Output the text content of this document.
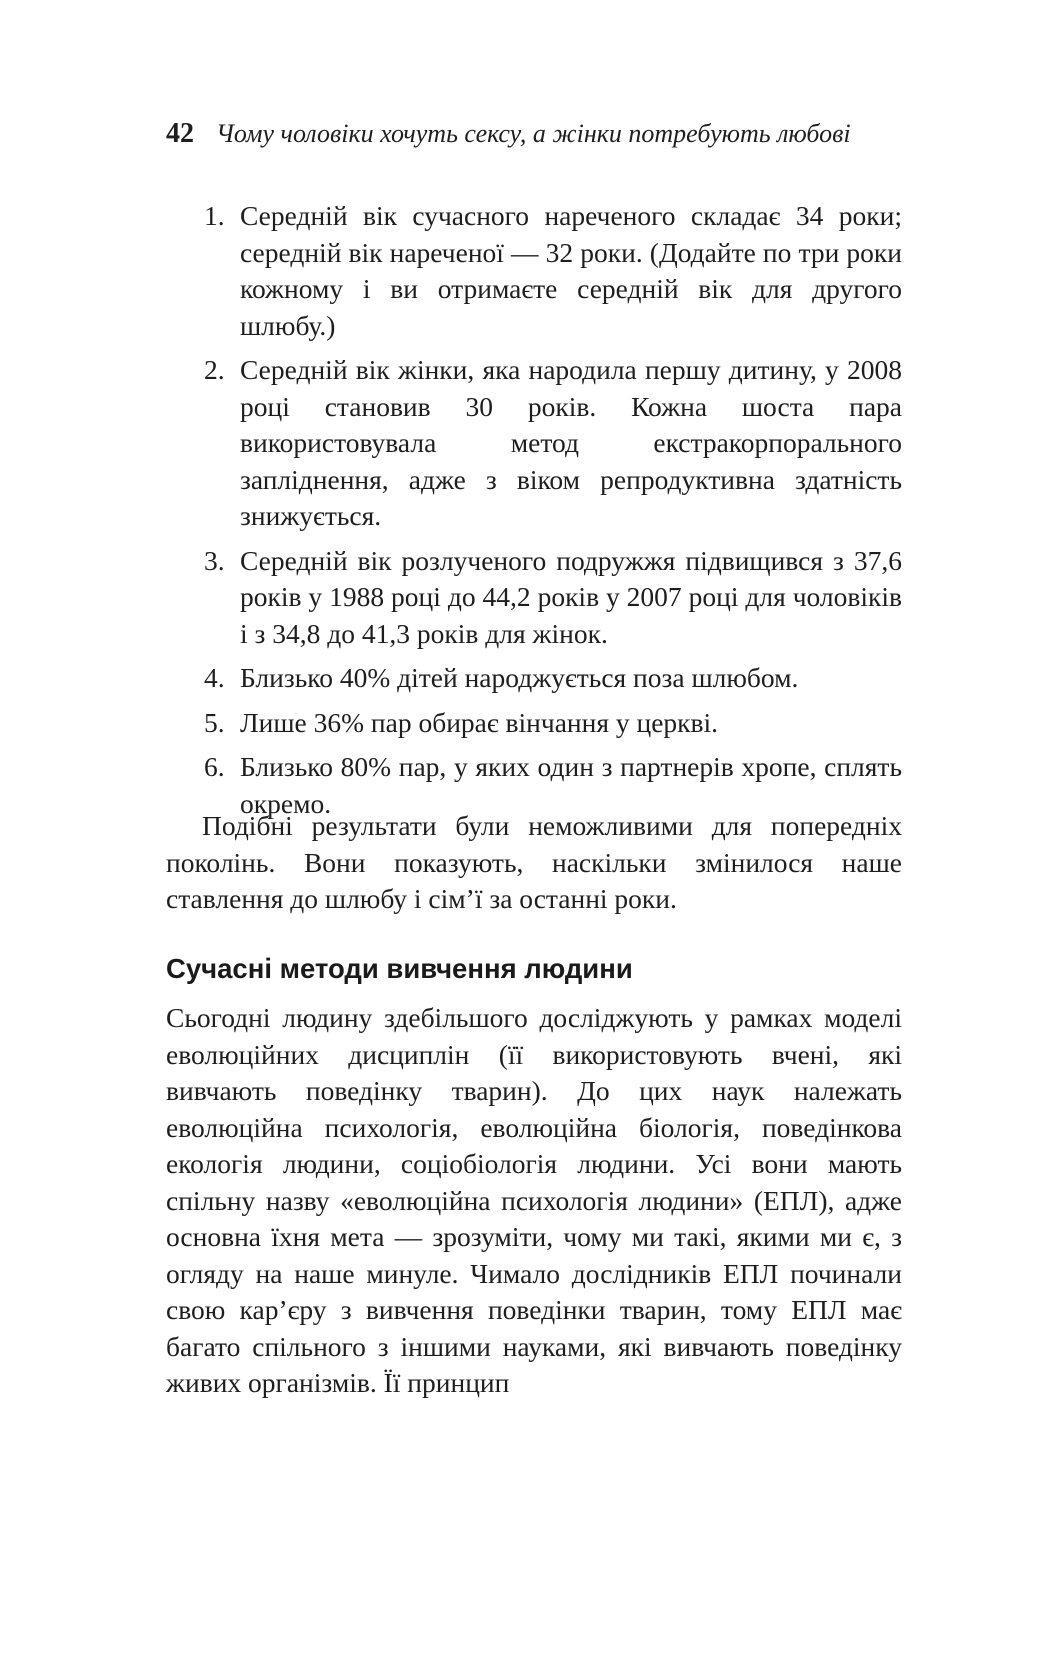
42 Чому чоловіки хочуть сексу, а жінки потребують любові
1. Середній вік сучасного нареченого складає 34 роки; середній вік нареченої — 32 роки. (Додайте по три роки кожному і ви отримаєте середній вік для другого шлюбу.)
2. Середній вік жінки, яка народила першу дитину, у 2008 році становив 30 років. Кожна шоста пара використовувала метод екстракорпорального запліднення, адже з віком репродуктивна здатність знижується.
3. Середній вік розлученого подружжя підвищився з 37,6 років у 1988 році до 44,2 років у 2007 році для чоловіків і з 34,8 до 41,3 років для жінок.
4. Близько 40% дітей народжується поза шлюбом.
5. Лише 36% пар обирає вінчання у церкві.
6. Близько 80% пар, у яких один з партнерів хропе, сплять окремо.

Подібні результати були неможливими для попередніх поколінь. Вони показують, наскільки змінилося наше ставлення до шлюбу і сім’ї за останні роки.

Сучасні методи вивчення людини

Сьогодні людину здебільшого досліджують у рамках моделі еволюційних дисциплін (її використовують вчені, які вивчають поведінку тварин). До цих наук належать еволюційна психологія, еволюційна біологія, поведінкова екологія людини, соціобіологія людини. Усі вони мають спільну назву «еволюційна психологія людини» (ЕПЛ), адже основна їхня мета — зрозуміти, чому ми такі, якими ми є, з огляду на наше минуле. Чимало дослідників ЕПЛ починали свою кар’єру з вивчення поведінки тварин, тому ЕПЛ має багато спільного з іншими науками, які вивчають поведінку живих організмів. Її принцип
